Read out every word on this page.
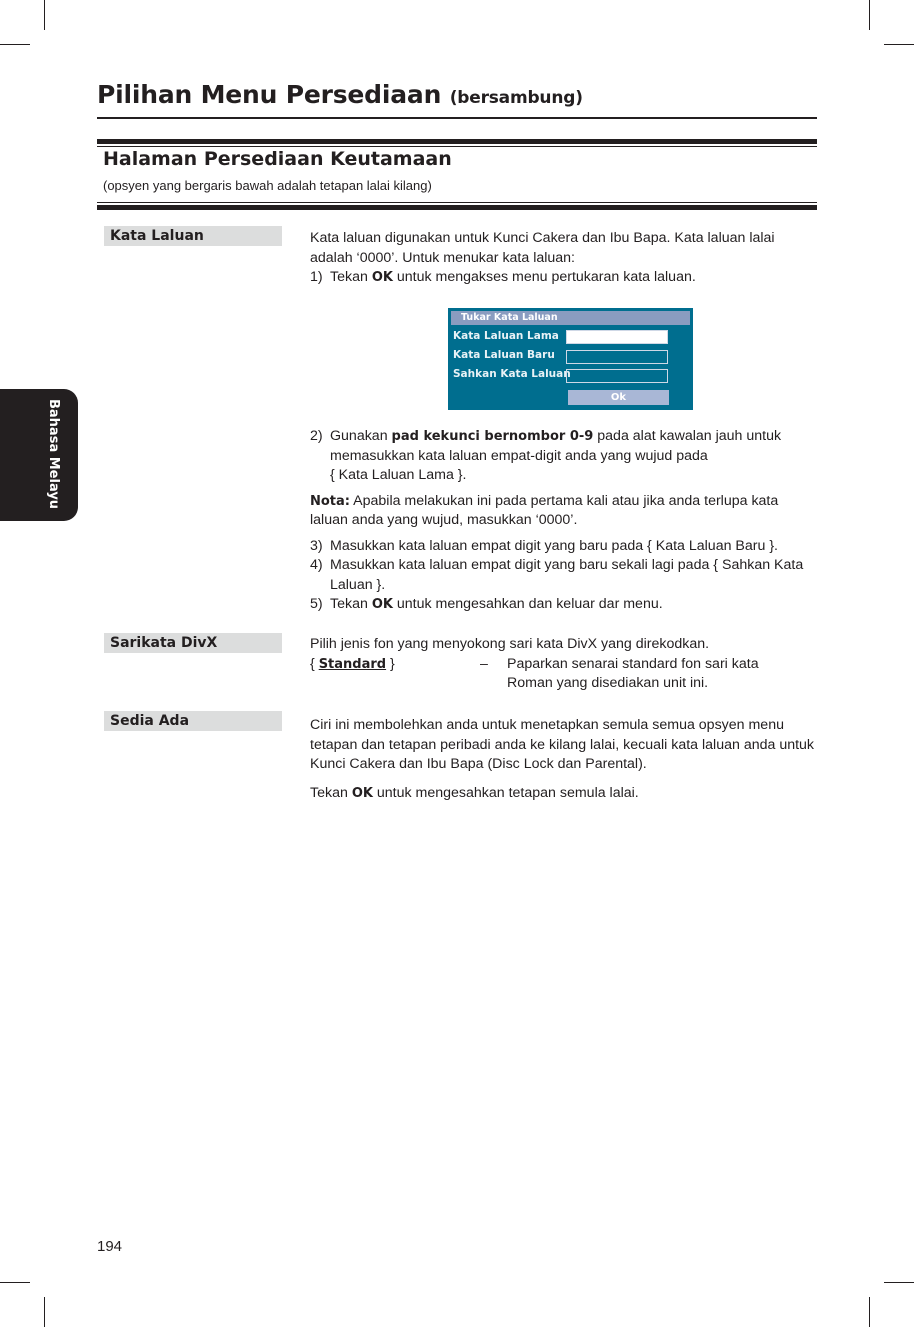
Pilihan Menu Persediaan (bersambung)
Halaman Persediaan Keutamaan
(opsyen yang bergaris bawah adalah tetapan lalai kilang)
Bahasa Melayu
Kata Laluan	Kata laluan digunakan untuk Kunci Cakera dan Ibu Bapa. Kata laluan lalai adalah ‘0000’. Untuk menukar kata laluan:

1) Tekan OK untuk mengakses menu pertukaran kata laluan.
Tukar Kata Laluan
Kata Laluan Lama
Kata Laluan Baru
Sahkan Kata Laluan
Ok
2) Gunakan pad kekunci bernombor 0-9 pada alat kawalan jauh untuk memasukkan kata laluan empat-digit anda yang wujud pada
{ Kata Laluan Lama }.

Nota: Apabila melakukan ini pada pertama kali atau jika anda terlupa kata laluan anda yang wujud, masukkan ‘0000’.

3) Masukkan kata laluan empat digit yang baru pada { Kata Laluan Baru }.
4) Masukkan kata laluan empat digit yang baru sekali lagi pada { Sahkan Kata Laluan }.
5) Tekan OK untuk mengesahkan dan keluar dar menu.
Sarikata DivX	Pilih jenis fon yang menyokong sari kata DivX yang direkodkan.

{ Standard }	– Paparkan senarai standard fon sari kata Roman yang disediakan unit ini.
Sedia Ada	Ciri ini membolehkan anda untuk menetapkan semula semua opsyen menu tetapan dan tetapan peribadi anda ke kilang lalai, kecuali kata laluan anda untuk Kunci Cakera dan Ibu Bapa (Disc Lock dan Parental).

Tekan OK untuk mengesahkan tetapan semula lalai.

194
